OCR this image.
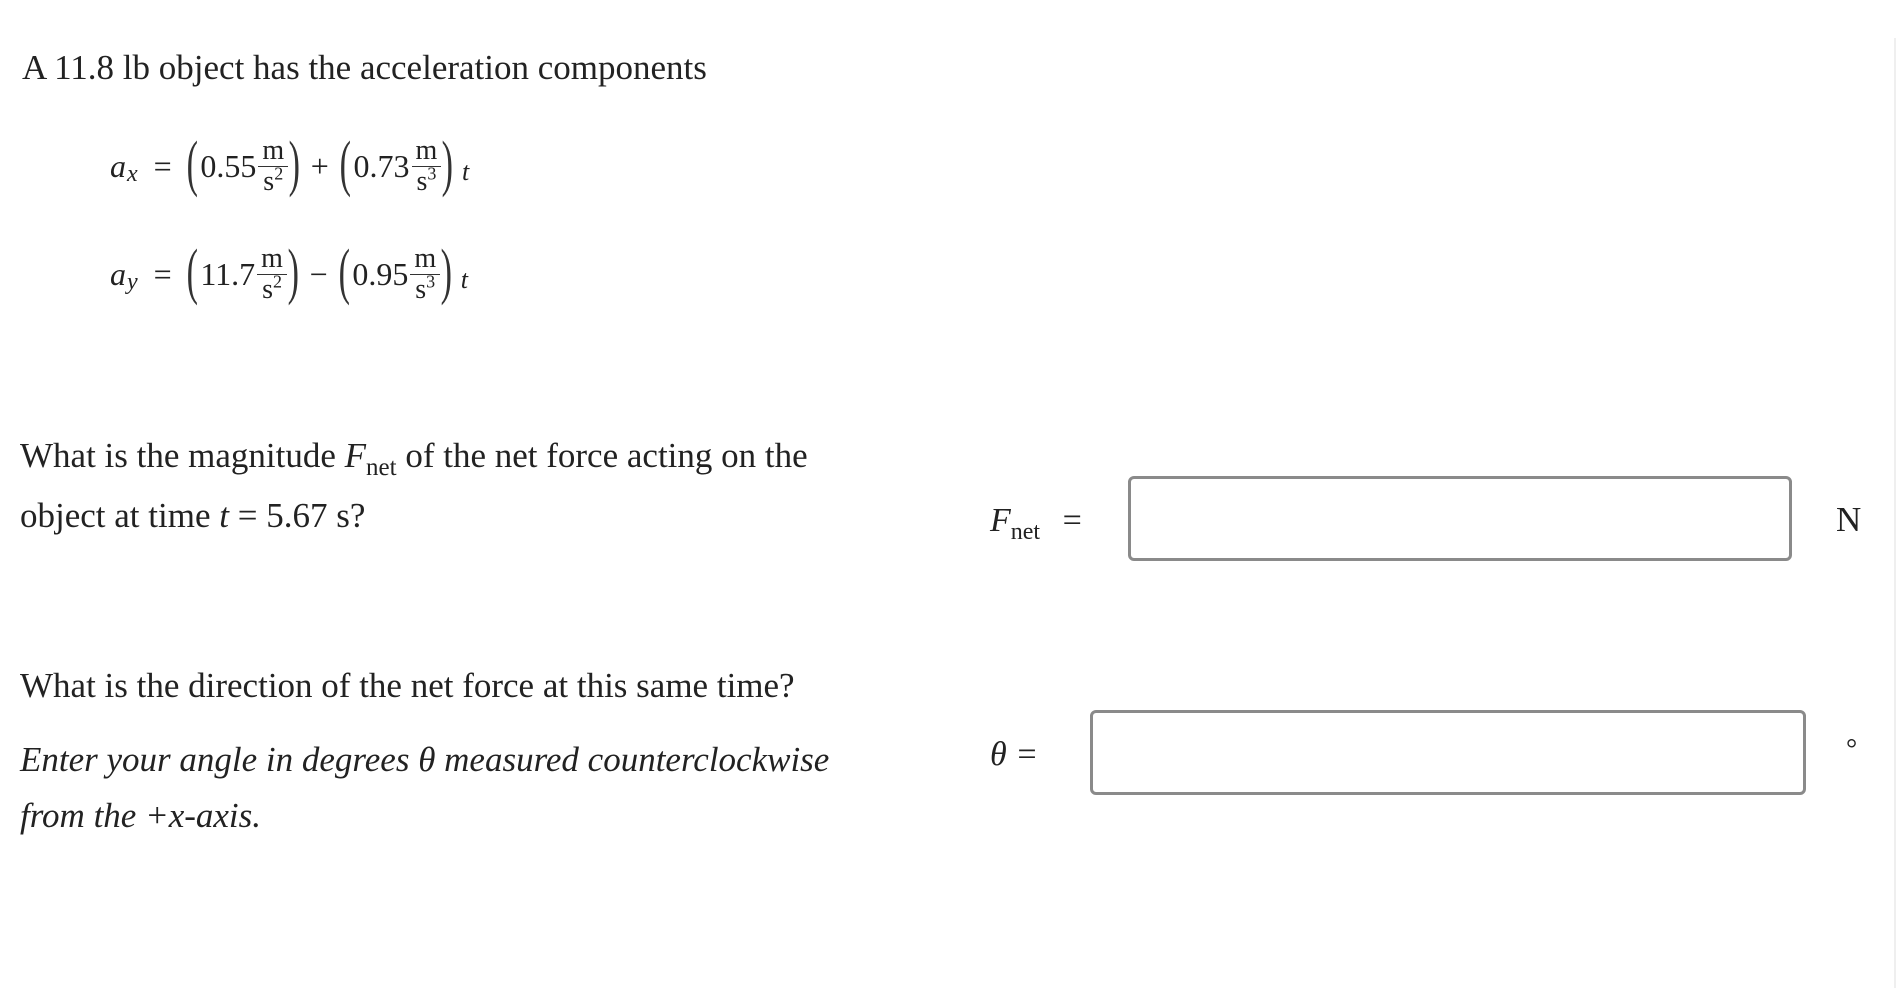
A 11.8 lb object has the acceleration components
a x = ( $0.55 \frac{m}{s^2}$ ) + ( $0.73 \frac{m}{s^3}$ ) t
a y = ( $11.7 \frac{m}{s^2}$ ) − ( $0.95 \frac{m}{s^3}$ ) t
What is the magnitude $F_{net}$ of the net force acting on the
object at time t = 5.67 s?	$F_{net}$ =	N
What is the direction of the net force at this same time?
Enter your angle in degrees θ measured counterclockwise
from the +x-axis.
θ =	°
